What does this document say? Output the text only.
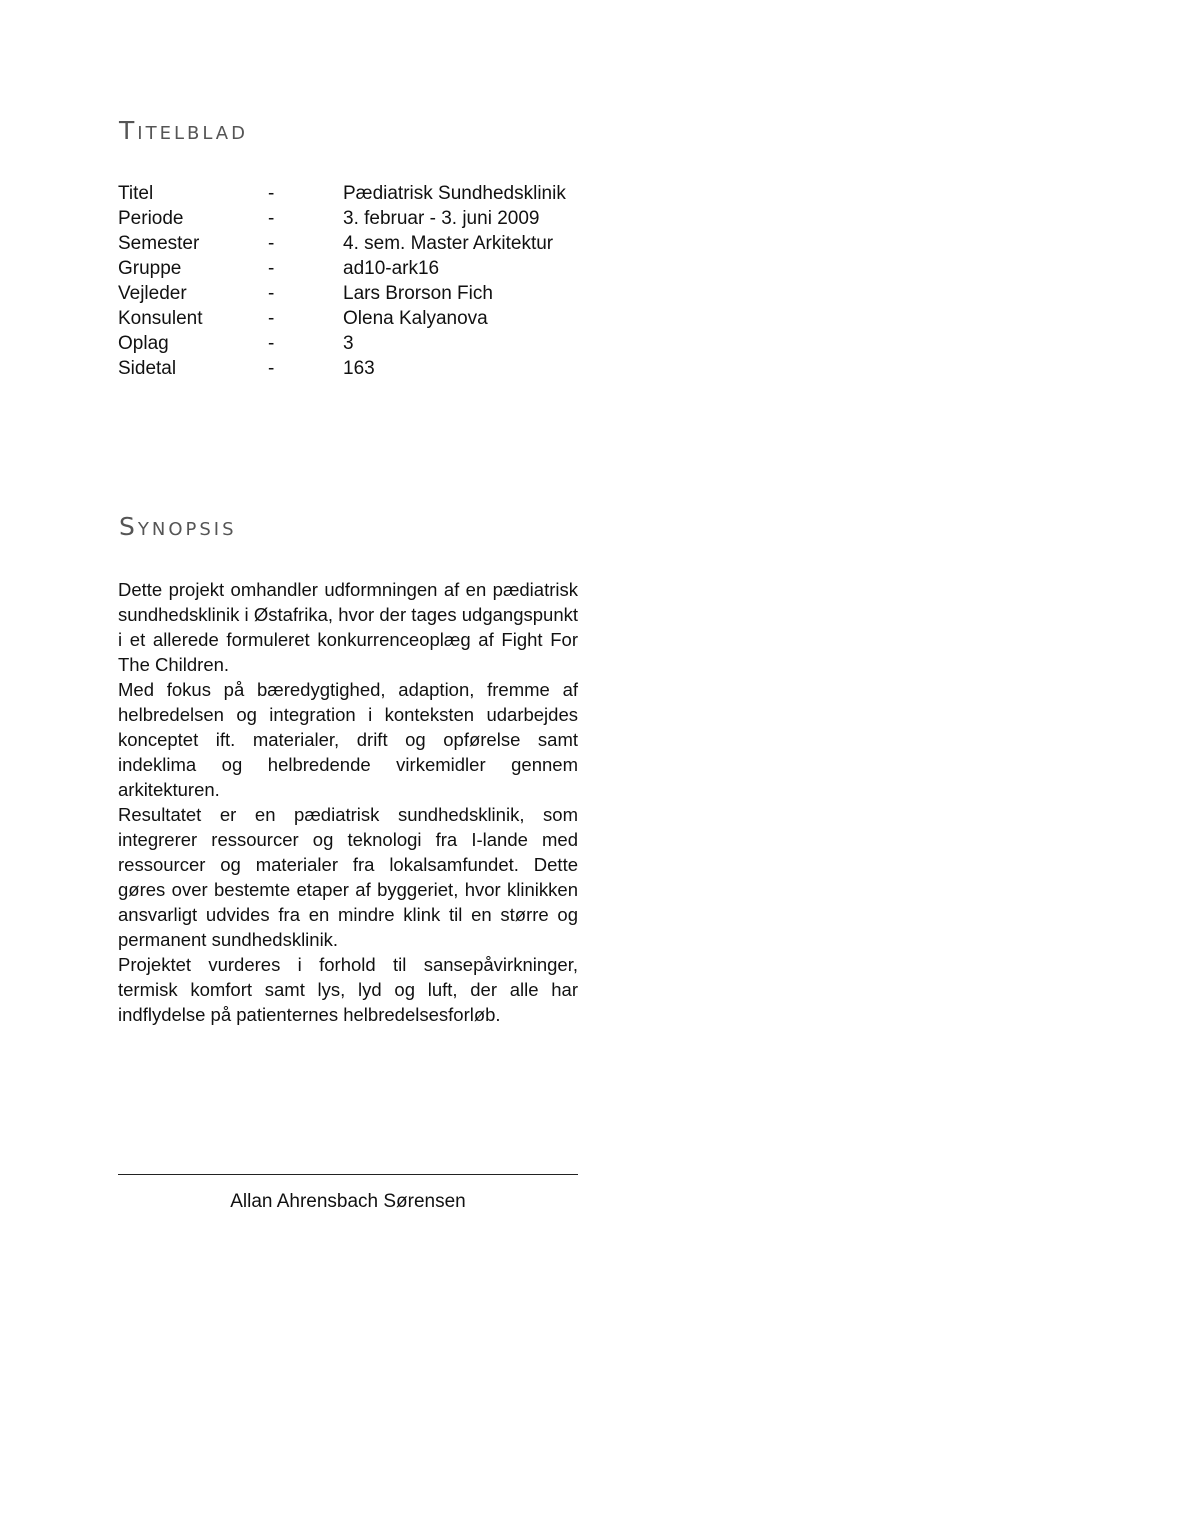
Titelblad
Titel	-	Pædiatrisk Sundhedsklinik
Periode	-	3. februar - 3. juni 2009
Semester	-	4. sem. Master Arkitektur
Gruppe	-	ad10-ark16
Vejleder	-	Lars Brorson Fich
Konsulent	-	Olena Kalyanova
Oplag	-	3
Sidetal	-	163
Synopsis

Dette projekt omhandler udformningen af en pædiatrisk sundhedsklinik i Østafrika, hvor der tages udgangspunkt i et allerede formuleret konkurrenceoplæg af Fight For The Children.

Med fokus på bæredygtighed, adaption, fremme af helbredelsen og integration i konteksten udarbejdes konceptet ift. materialer, drift og opførelse samt indeklima og helbredende virkemidler gennem arkitekturen.

Resultatet er en pædiatrisk sundhedsklinik, som integrerer ressourcer og teknologi fra I-lande med ressourcer og materialer fra lokalsamfundet. Dette gøres over bestemte etaper af byggeriet, hvor klinikken ansvarligt udvides fra en mindre klink til en større og permanent sundhedsklinik.

Projektet vurderes i forhold til sansepåvirkninger, termisk komfort samt lys, lyd og luft, der alle har indflydelse på patienternes helbredelsesforløb.

Allan Ahrensbach Sørensen
